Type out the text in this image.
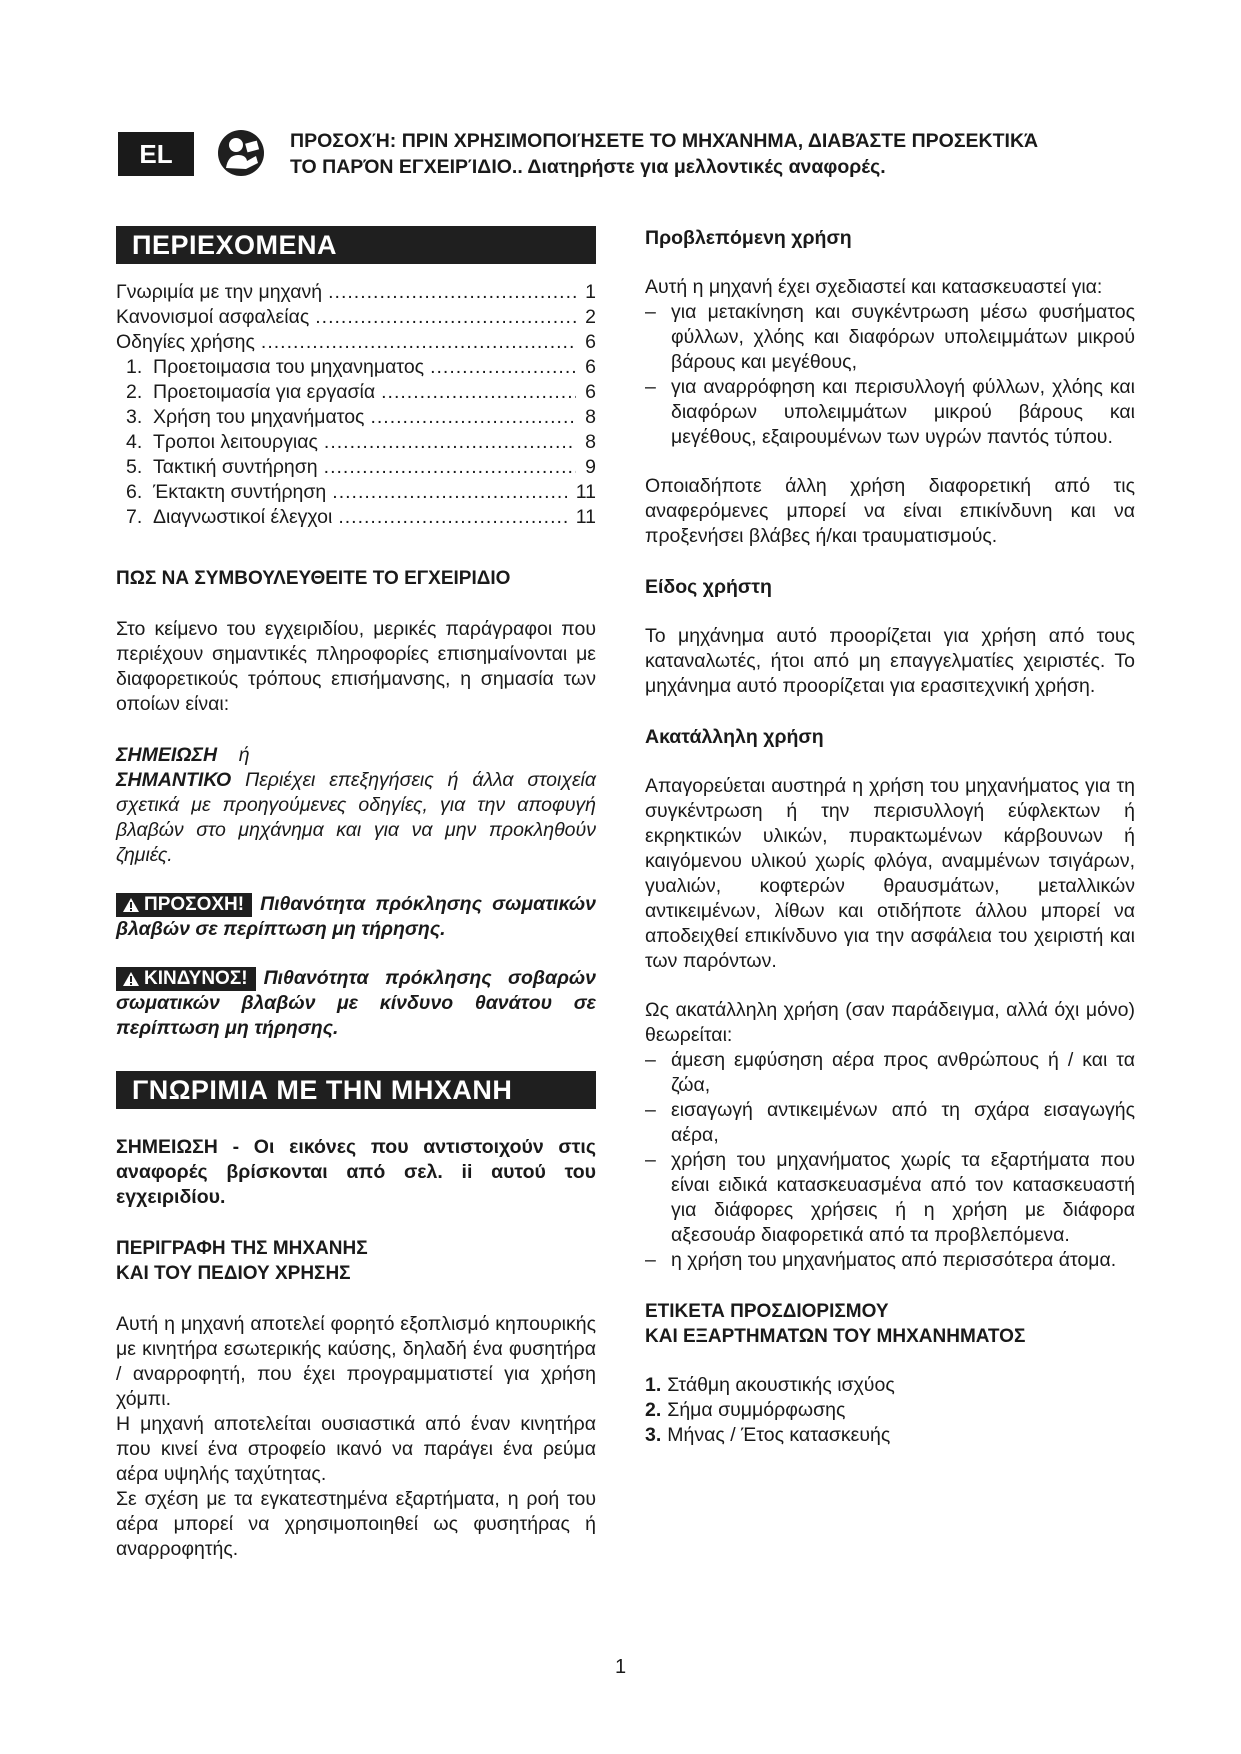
EL	ΠΡΟΣΟΧΉ: ΠΡΙΝ ΧΡΗΣΙΜΟΠΟΙΉΣΕΤΕ ΤΟ ΜΗΧΆΝΗΜΑ, ΔΙΑΒΆΣΤΕ ΠΡΟΣΕΚΤΙΚΆ
ΤΟ ΠΑΡΌΝ ΕΓΧΕΙΡΊΔΙΟ.. Διατηρήστε για μελλοντικές αναφορές.
ΠΕΡΙΕΧΟΜΕΝΑ
Γνωριμία με την μηχανή .....	1
Κανονισμοί ασφαλείας .....	2
Οδηγίες χρήσης .....	6
1. Προετοιμασια του μηχανηματος .....	6
2. Προετοιμασία για εργασία .....	6
3. Χρήση του μηχανήματος .....	8
4. Τροποι λειτουργιας .....	8
5. Τακτική συντήρηση .....	9
6. Έκτακτη συντήρηση .....	11
7. Διαγνωστικοί έλεγχοι .....	11
ΠΩΣ ΝΑ ΣΥΜΒΟΥΛΕΥΘΕΙΤΕ ΤΟ ΕΓΧΕΙΡΙΔΙΟ

Στο κείμενο του εγχειριδίου, μερικές παράγραφοι που περιέχουν σημαντικές πληροφορίες επισημαίνονται με διαφορετικούς τρόπους επισήμανσης, η σημασία των οποίων είναι:

ΣΗΜΕΙΩΣΗ ή
ΣΗΜΑΝΤΙΚΟ Περιέχει επεξηγήσεις ή άλλα στοιχεία σχετικά με προηγούμενες οδηγίες, για την αποφυγή βλαβών στο μηχάνημα και για να μην προκληθούν ζημιές.

ΠΡΟΣΟΧΗ! Πιθανότητα πρόκλησης σωματικών βλαβών σε περίπτωση μη τήρησης.

ΚΙΝΔΥΝΟΣ! Πιθανότητα πρόκλησης σοβαρών σωματικών βλαβών με κίνδυνο θανάτου σε περίπτωση μη τήρησης.

ΓΝΩΡΙΜΙΑ ΜΕ ΤΗΝ ΜΗΧΑΝΗ

ΣΗΜΕΙΩΣΗ - Οι εικόνες που αντιστοιχούν στις αναφορές βρίσκονται από σελ. ii αυτού του εγχειριδίου.

ΠΕΡΙΓΡΑΦΗ ΤΗΣ ΜΗΧΑΝΗΣ
ΚΑΙ ΤΟΥ ΠΕΔΙΟΥ ΧΡΗΣΗΣ

Αυτή η μηχανή αποτελεί φορητό εξοπλισμό κηπουρικής με κινητήρα εσωτερικής καύσης, δηλαδή ένα φυσητήρα / αναρροφητή, που έχει προγραμματιστεί για χρήση χόμπι.

Η μηχανή αποτελείται ουσιαστικά από έναν κινητήρα που κινεί ένα στροφείο ικανό να παράγει ένα ρεύμα αέρα υψηλής ταχύτητας.

Σε σχέση με τα εγκατεστημένα εξαρτήματα, η ροή του αέρα μπορεί να χρησιμοποιηθεί ως φυσητήρας ή αναρροφητής.

Προβλεπόμενη χρήση

Αυτή η μηχανή έχει σχεδιαστεί και κατασκευαστεί για:

– για μετακίνηση και συγκέντρωση μέσω φυσήματος φύλλων, χλόης και διαφόρων υπολειμμάτων μικρού βάρους και μεγέθους,
– για αναρρόφηση και περισυλλογή φύλλων, χλόης και διαφόρων υπολειμμάτων μικρού βάρους και μεγέθους, εξαιρουμένων των υγρών παντός τύπου.

Οποιαδήποτε άλλη χρήση διαφορετική από τις αναφερόμενες μπορεί να είναι επικίνδυνη και να προξενήσει βλάβες ή/και τραυματισμούς.

Είδος χρήστη

Το μηχάνημα αυτό προορίζεται για χρήση από τους καταναλωτές, ήτοι από μη επαγγελματίες χειριστές. Το μηχάνημα αυτό προορίζεται για ερασιτεχνική χρήση.

Ακατάλληλη χρήση

Απαγορεύεται αυστηρά η χρήση του μηχανήματος για τη συγκέντρωση ή την περισυλλογή εύφλεκτων ή εκρηκτικών υλικών, πυρακτωμένων κάρβουνων ή καιγόμενου υλικού χωρίς φλόγα, αναμμένων τσιγάρων, γυαλιών, κοφτερών θραυσμάτων, μεταλλικών αντικειμένων, λίθων και οτιδήποτε άλλου μπορεί να αποδειχθεί επικίνδυνο για την ασφάλεια του χειριστή και των παρόντων.

Ως ακατάλληλη χρήση (σαν παράδειγμα, αλλά όχι μόνο) θεωρείται:

– άμεση εμφύσηση αέρα προς ανθρώπους ή / και τα ζώα,
– εισαγωγή αντικειμένων από τη σχάρα εισαγωγής αέρα,
– χρήση του μηχανήματος χωρίς τα εξαρτήματα που είναι ειδικά κατασκευασμένα από τον κατασκευαστή για διάφορες χρήσεις ή η χρήση με διάφορα αξεσουάρ διαφορετικά από τα προβλεπόμενα.
– η χρήση του μηχανήματος από περισσότερα άτομα.
ΕΤΙΚΕΤΑ ΠΡΟΣΔΙΟΡΙΣΜΟΥ
ΚΑΙ ΕΞΑΡΤΗΜΑΤΩΝ ΤΟΥ ΜΗΧΑΝΗΜΑΤΟΣ
1. Στάθμη ακουστικής ισχύος
2. Σήμα συμμόρφωσης
3. Μήνας / Έτος κατασκευής
1
